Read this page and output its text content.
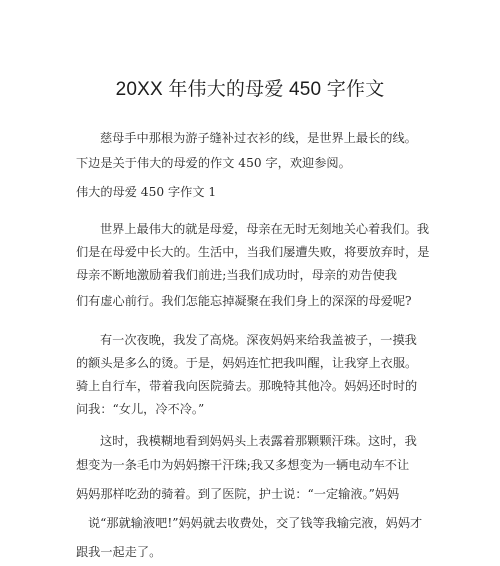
20XX 年伟大的母爱 450 字作文
慈母手中那根为游子缝补过衣衫的线，是世界上最长的线。
下边是关于伟大的母爱的作文 450 字，欢迎参阅。
伟大的母爱 450 字作文 1
世界上最伟大的就是母爱，母亲在无时无刻地关心着我们。我
们是在母爱中长大的。生活中，当我们屡遭失败，将要放弃时，是
母亲不断地激励着我们前进;当我们成功时，母亲的劝告使我
们有虚心前行。我们怎能忘掉凝聚在我们身上的深深的母爱呢?
有一次夜晚，我发了高烧。深夜妈妈来给我盖被子，一摸我
的额头是多么的烫。于是，妈妈连忙把我叫醒，让我穿上衣服。
骑上自行车，带着我向医院骑去。那晚特其他冷。妈妈还时时的
问我：“女儿，冷不冷。”
这时，我模糊地看到妈妈头上表露着那颗颗汗珠。这时，我
想变为一条毛巾为妈妈擦干汗珠;我又多想变为一辆电动车不让
妈妈那样吃劲的骑着。到了医院，护士说：“一定输液。”妈妈
说“那就输液吧!”妈妈就去收费处，交了钱等我输完液，妈妈才
跟我一起走了。
